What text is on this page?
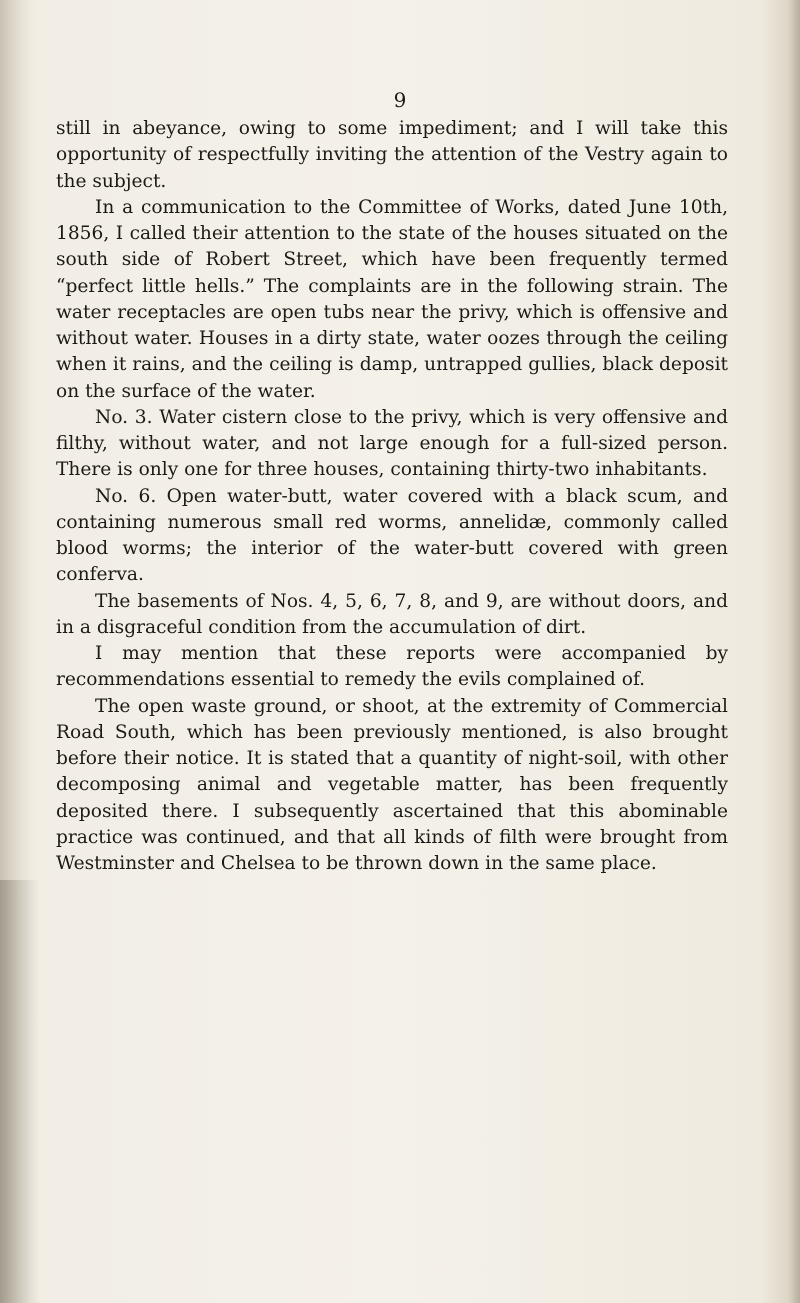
9

still in abeyance, owing to some impediment; and I will take this opportunity of respectfully inviting the attention of the Vestry again to the subject.

In a communication to the Committee of Works, dated June 10th, 1856, I called their attention to the state of the houses situated on the south side of Robert Street, which have been frequently termed “perfect little hells.” The complaints are in the following strain. The water receptacles are open tubs near the privy, which is offensive and without water. Houses in a dirty state, water oozes through the ceiling when it rains, and the ceiling is damp, untrapped gullies, black deposit on the surface of the water.

No. 3. Water cistern close to the privy, which is very offensive and filthy, without water, and not large enough for a full-sized person. There is only one for three houses, containing thirty-two inhabitants.

No. 6. Open water-butt, water covered with a black scum, and containing numerous small red worms, annelidæ, commonly called blood worms; the interior of the water-butt covered with green conferva.

The basements of Nos. 4, 5, 6, 7, 8, and 9, are without doors, and in a disgraceful condition from the accumulation of dirt.

I may mention that these reports were accompanied by recommendations essential to remedy the evils complained of.

The open waste ground, or shoot, at the extremity of Commercial Road South, which has been previously mentioned, is also brought before their notice. It is stated that a quantity of night-soil, with other decomposing animal and vegetable matter, has been frequently deposited there. I subsequently ascertained that this abominable practice was continued, and that all kinds of filth were brought from Westminster and Chelsea to be thrown down in the same place.
